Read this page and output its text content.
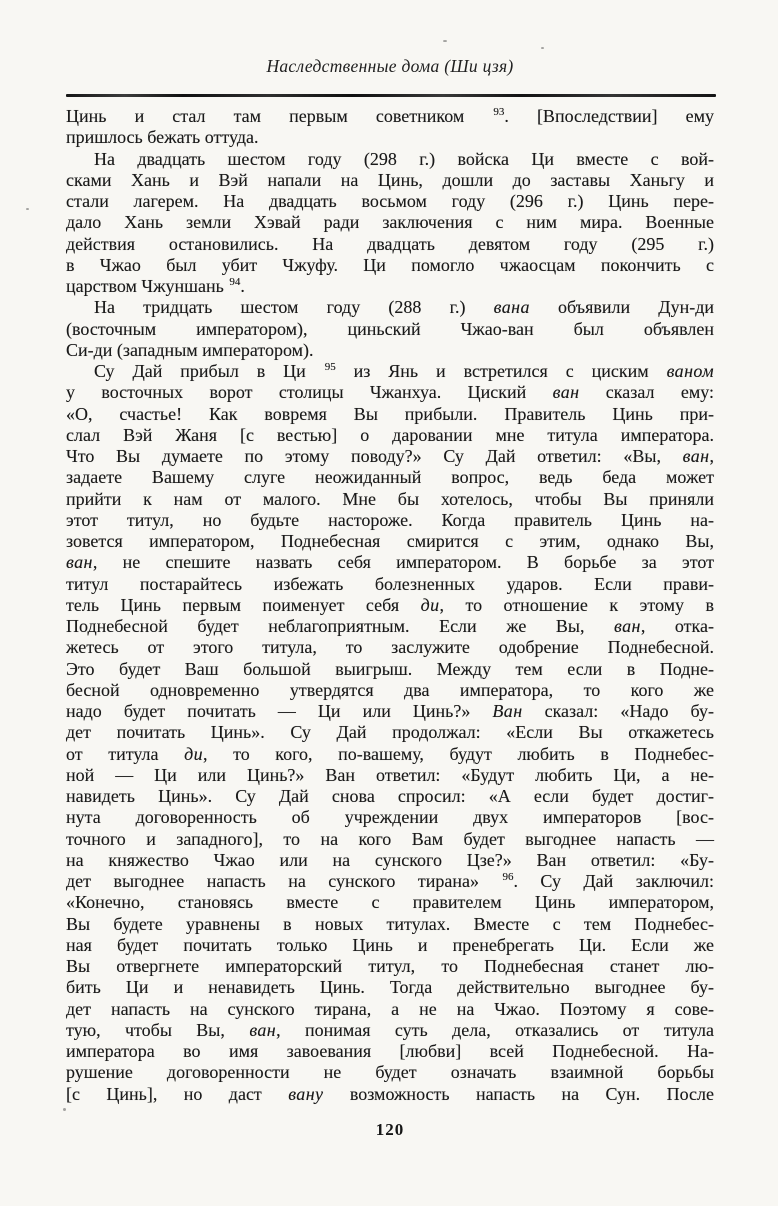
Наследственные дома (Ши цзя)
Цинь и стал там первым советником $^{93}$. [Впоследствии] ему
пришлось бежать оттуда.
На двадцать шестом году (298 г.) войска Ци вместе с вой-
сками Хань и Вэй напали на Цинь, дошли до заставы Ханьгу и
стали лагерем. На двадцать восьмом году (296 г.) Цинь пере-
дало Хань земли Хэвай ради заключения с ним мира. Военные
действия остановились. На двадцать девятом году (295 г.)
в Чжао был убит Чжуфу. Ци помогло чжаосцам покончить с
царством Чжуншань $^{94}$.
На тридцать шестом году (288 г.) вана объявили Дун-ди
(восточным императором), циньский Чжао-ван был объявлен
Си-ди (западным императором).
Су Дай прибыл в Ци $^{95}$ из Янь и встретился с циским ваном
у восточных ворот столицы Чжанхуа. Циский ван сказал ему:
«О, счастье! Как вовремя Вы прибыли. Правитель Цинь при-
слал Вэй Жаня [с вестью] о даровании мне титула императора.
Что Вы думаете по этому поводу?» Су Дай ответил: «Вы, ван,
задаете Вашему слуге неожиданный вопрос, ведь беда может
прийти к нам от малого. Мне бы хотелось, чтобы Вы приняли
этот титул, но будьте настороже. Когда правитель Цинь на-
зовется императором, Поднебесная смирится с этим, однако Вы,
ван, не спешите назвать себя императором. В борьбе за этот
титул постарайтесь избежать болезненных ударов. Если прави-
тель Цинь первым поименует себя ди, то отношение к этому в
Поднебесной будет неблагоприятным. Если же Вы, ван, отка-
жетесь от этого титула, то заслужите одобрение Поднебесной.
Это будет Ваш большой выигрыш. Между тем если в Подне-
бесной одновременно утвердятся два императора, то кого же
надо будет почитать — Ци или Цинь?» Ван сказал: «Надо бу-
дет почитать Цинь». Су Дай продолжал: «Если Вы откажетесь
от титула ди, то кого, по-вашему, будут любить в Поднебес-
ной — Ци или Цинь?» Ван ответил: «Будут любить Ци, а не-
навидеть Цинь». Су Дай снова спросил: «А если будет достиг-
нута договоренность об учреждении двух императоров [вос-
точного и западного], то на кого Вам будет выгоднее напасть —
на княжество Чжао или на сунского Цзе?» Ван ответил: «Бу-
дет выгоднее напасть на сунского тирана» $^{96}$. Су Дай заключил:
«Конечно, становясь вместе с правителем Цинь императором,
Вы будете уравнены в новых титулах. Вместе с тем Поднебес-
ная будет почитать только Цинь и пренебрегать Ци. Если же
Вы отвергнете императорский титул, то Поднебесная станет лю-
бить Ци и ненавидеть Цинь. Тогда действительно выгоднее бу-
дет напасть на сунского тирана, а не на Чжао. Поэтому я сове-
тую, чтобы Вы, ван, понимая суть дела, отказались от титула
императора во имя завоевания [любви] всей Поднебесной. На-
рушение договоренности не будет означать взаимной борьбы
[с Цинь], но даст вану возможность напасть на Сун. После
120
